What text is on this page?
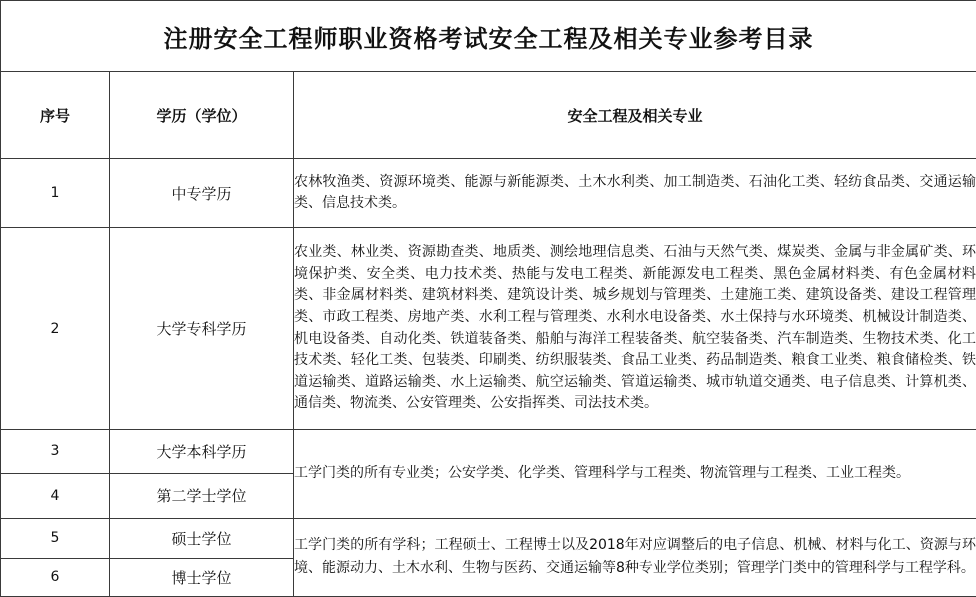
注册安全工程师职业资格考试安全工程及相关专业参考目录		
序号	学历（学位）	安全工程及相关专业
1	中专学历	农林牧渔类、资源环境类、能源与新能源类、土木水利类、加工制造类、石油化工类、轻纺食品类、交通运输类、信息技术类。
2	大学专科学历	农业类、林业类、资源勘查类、地质类、测绘地理信息类、石油与天然气类、煤炭类、金属与非金属矿类、环境保护类、安全类、电力技术类、热能与发电工程类、新能源发电工程类、黑色金属材料类、有色金属材料类、非金属材料类、建筑材料类、建筑设计类、城乡规划与管理类、土建施工类、建筑设备类、建设工程管理类、市政工程类、房地产类、水利工程与管理类、水利水电设备类、水土保持与水环境类、机械设计制造类、机电设备类、自动化类、铁道装备类、船舶与海洋工程装备类、航空装备类、汽车制造类、生物技术类、化工技术类、轻化工类、包装类、印刷类、纺织服装类、食品工业类、药品制造类、粮食工业类、粮食储检类、铁道运输类、道路运输类、水上运输类、航空运输类、管道运输类、城市轨道交通类、电子信息类、计算机类、通信类、物流类、公安管理类、公安指挥类、司法技术类。
3	大学本科学历	工学门类的所有专业类；公安学类、化学类、管理科学与工程类、物流管理与工程类、工业工程类。
4	第二学士学位	
5	硕士学位	工学门类的所有学科；工程硕士、工程博士以及2018年对应调整后的电子信息、机械、材料与化工、资源与环境、能源动力、土木水利、生物与医药、交通运输等8种专业学位类别；管理学门类中的管理科学与工程学科。
6	博士学位	
